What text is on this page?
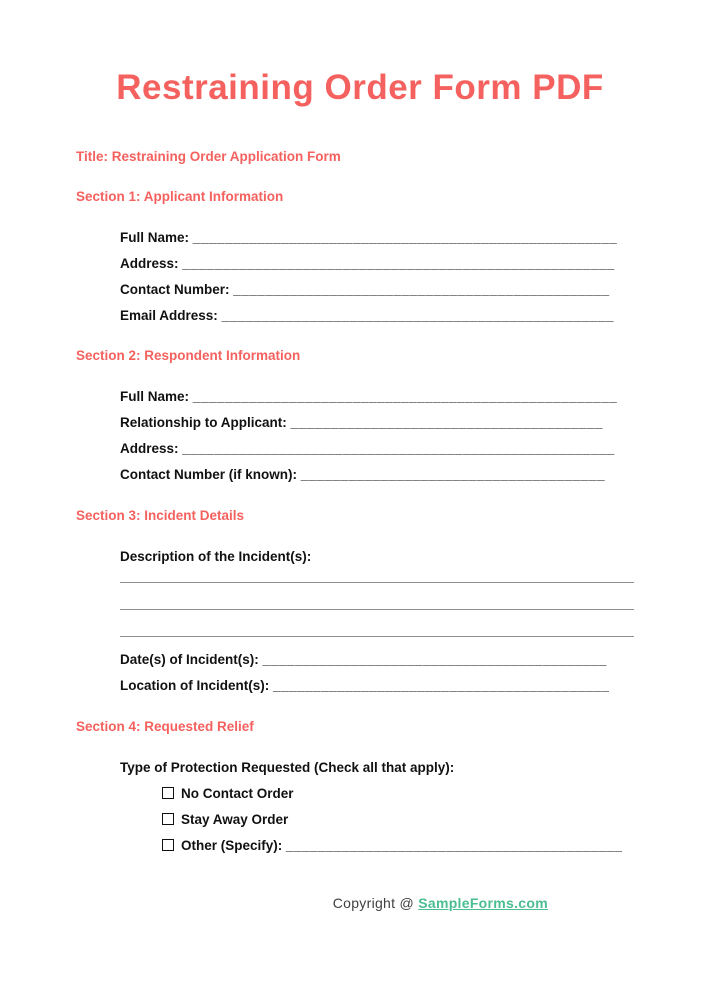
Restraining Order Form PDF

Title: Restraining Order Application Form

Section 1: Applicant Information

• Full Name: _____________________________________________________
• Address: ______________________________________________________
• Contact Number: _______________________________________________
• Email Address: _________________________________________________

Section 2: Respondent Information

• Full Name: _____________________________________________________
• Relationship to Applicant: _______________________________________
• Address: ______________________________________________________
• Contact Number (if known): ______________________________________

Section 3: Incident Details

• Description of the Incident(s):
• Date(s) of Incident(s): ___________________________________________
• Location of Incident(s): __________________________________________

Section 4: Requested Relief

• Type of Protection Requested (Check all that apply):
◦ No Contact Order
◦ Stay Away Order
◦ Other (Specify): __________________________________________
Copyright @ SampleForms.com
